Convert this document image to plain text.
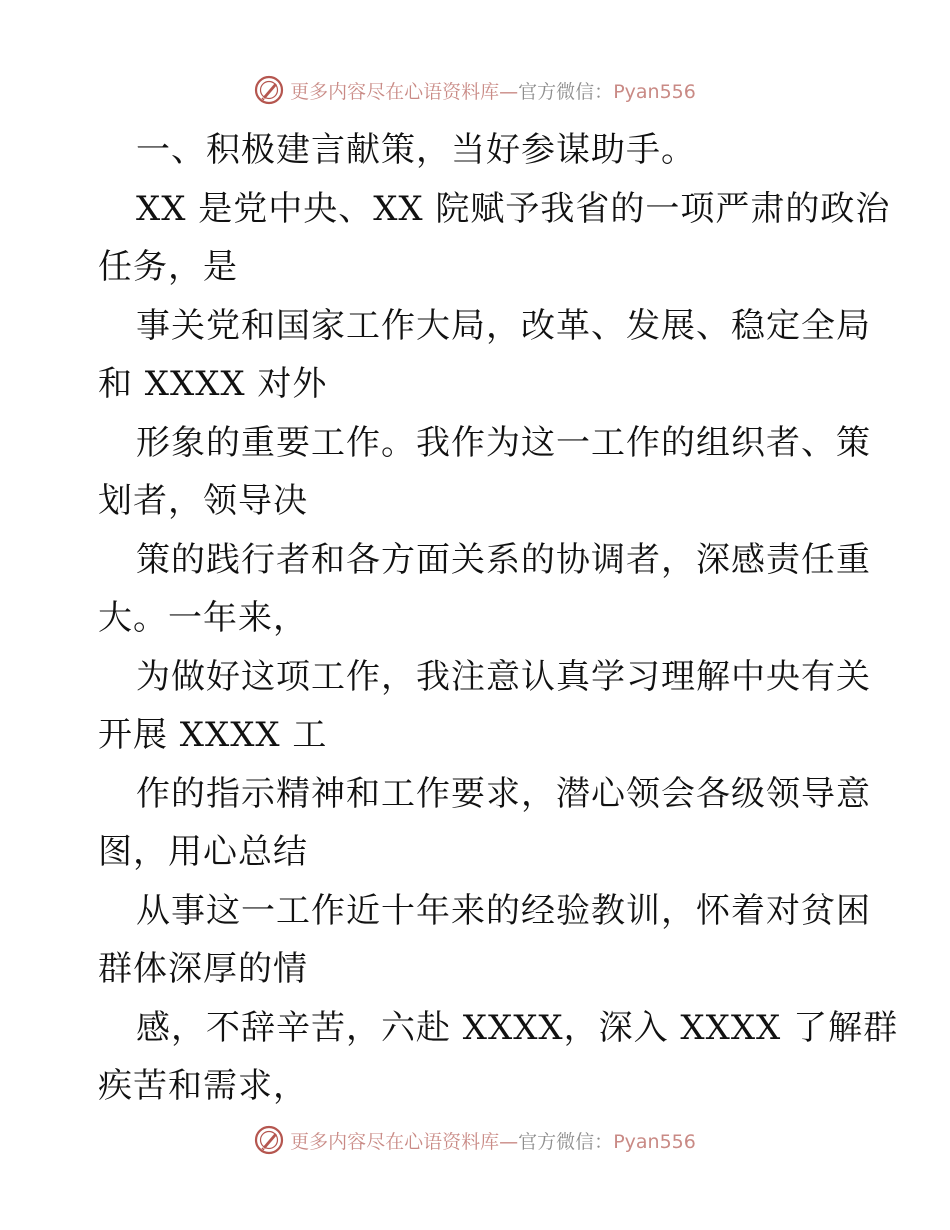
更多内容尽在心语资料库—官方微信：Pyan556
一、积极建言献策，当好参谋助手。
XX 是党中央、XX 院赋予我省的一项严肃的政治
任务，是
事关党和国家工作大局，改革、发展、稳定全局
和 XXXX 对外
形象的重要工作。我作为这一工作的组织者、策
划者，领导决
策的践行者和各方面关系的协调者，深感责任重
大。一年来，
为做好这项工作，我注意认真学习理解中央有关
开展 XXXX 工
作的指示精神和工作要求，潜心领会各级领导意
图，用心总结
从事这一工作近十年来的经验教训，怀着对贫困
群体深厚的情
感，不辞辛苦，六赴 XXXX，深入 XXXX 了解群
疾苦和需求，
更多内容尽在心语资料库—官方微信：Pyan556
